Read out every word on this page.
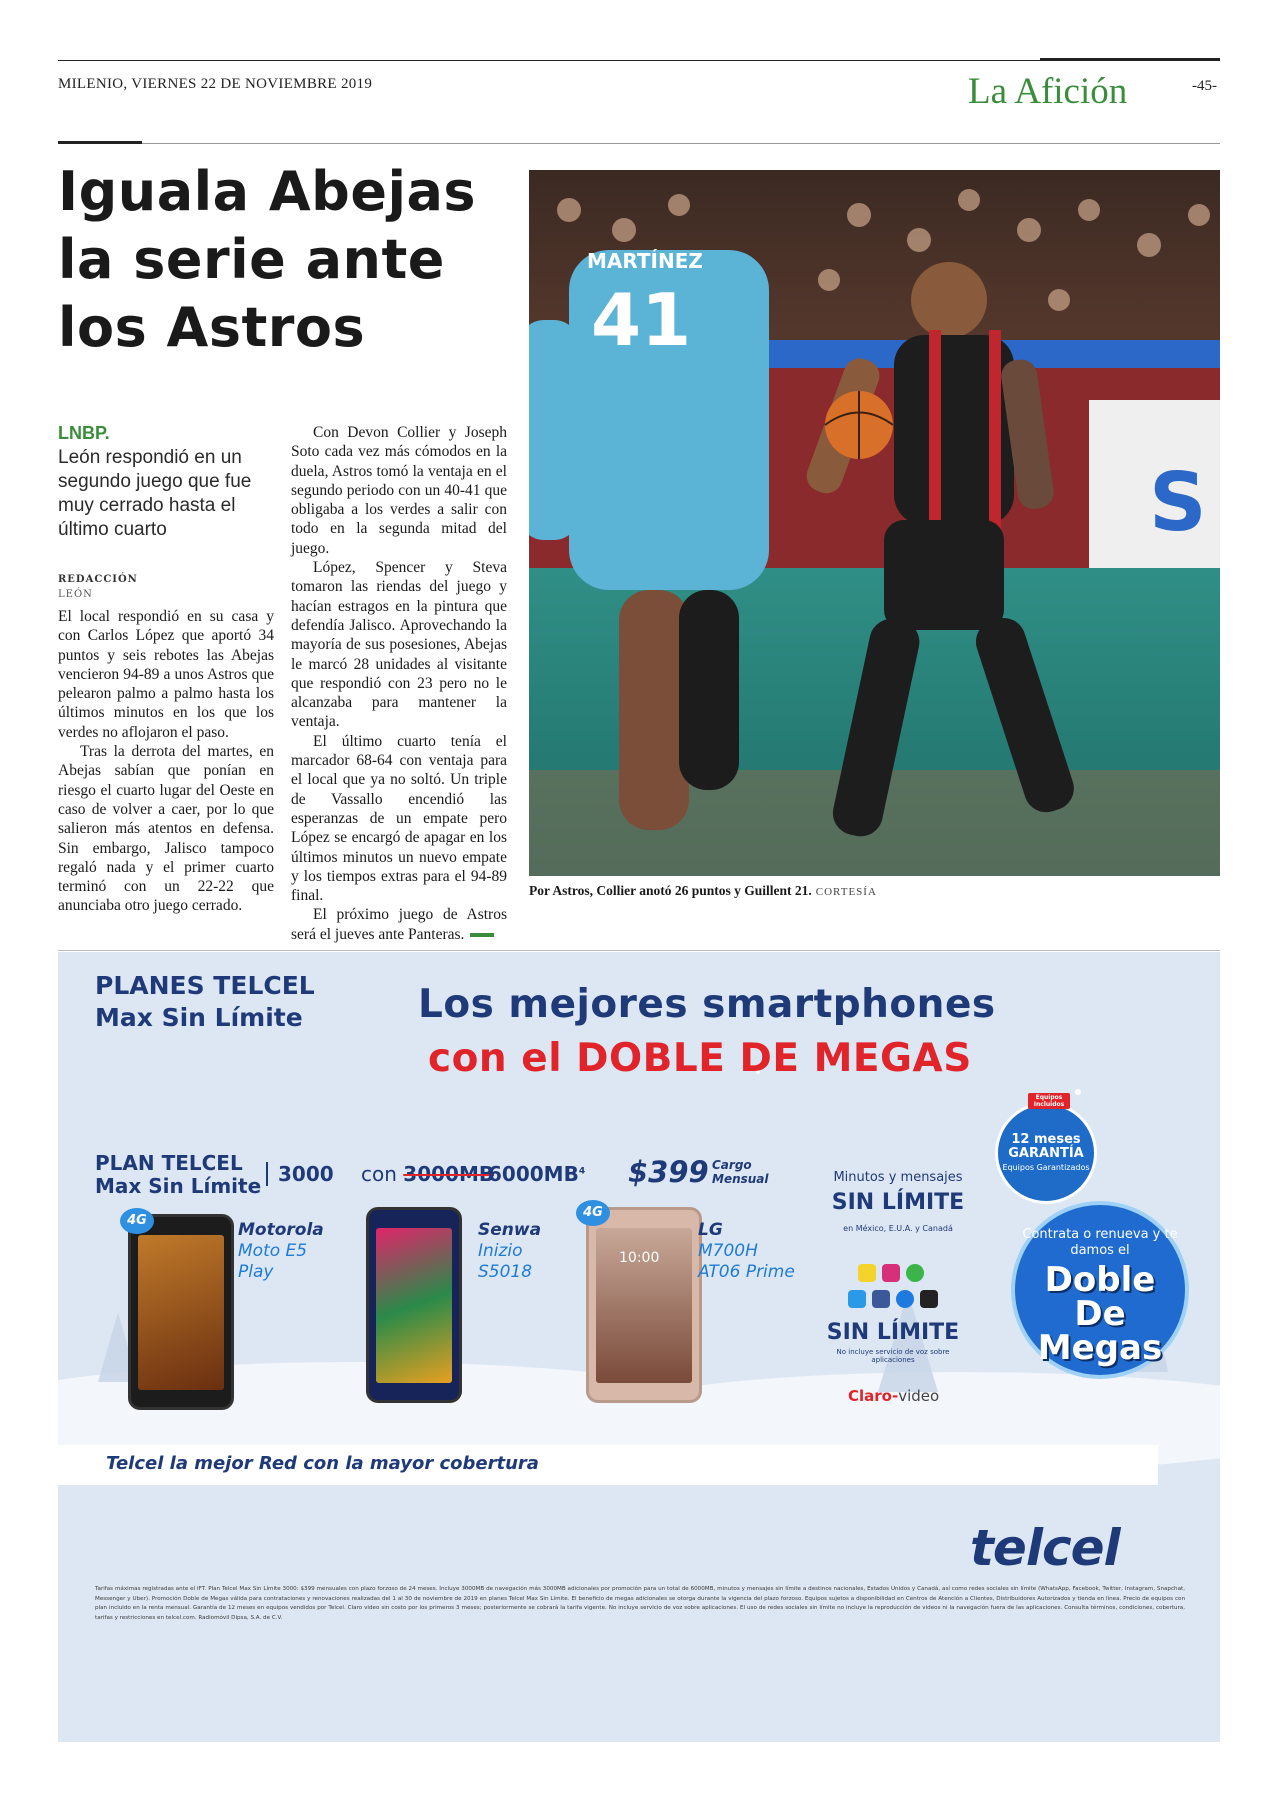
MILENIO, VIERNES 22 DE NOVIEMBRE 2019	La Afición	-45-
Iguala Abejas la serie ante los Astros
LNBP.
León respondió en un segundo juego que fue muy cerrado hasta el último cuarto
REDACCIÓN
LEÓN

El local respondió en su casa y con Carlos López que aportó 34 puntos y seis rebotes las Abejas vencieron 94-89 a unos Astros que pelearon palmo a palmo hasta los últimos minutos en los que los verdes no aflojaron el paso.

Tras la derrota del martes, en Abejas sabían que ponían en riesgo el cuarto lugar del Oeste en caso de volver a caer, por lo que salieron más atentos en defensa. Sin embargo, Jalisco tampoco regaló nada y el primer cuarto terminó con un 22-22 que anunciaba otro juego cerrado.

Con Devon Collier y Joseph Soto cada vez más cómodos en la duela, Astros tomó la ventaja en el segundo periodo con un 40-41 que obligaba a los verdes a salir con todo en la segunda mitad del juego.

López, Spencer y Steva tomaron las riendas del juego y hacían estragos en la pintura que defendía Jalisco. Aprovechando la mayoría de sus posesiones, Abejas le marcó 28 unidades al visitante que respondió con 23 pero no le alcanzaba para mantener la ventaja.

El último cuarto tenía el marcador 68-64 con ventaja para el local que ya no soltó. Un triple de Vassallo encendió las esperanzas de un empate pero López se encargó de apagar en los últimos minutos un nuevo empate y los tiempos extras para el 94-89 final.

El próximo juego de Astros será el jueves ante Panteras.

S
MARTÍNEZ
41
Por Astros, Collier anotó 26 puntos y Guillent 21. CORTESÍA
PLANES TELCEL
Max Sin Límite	Los mejores smartphones
con el DOBLE DE MEGAS
PLAN TELCEL
Max Sin Límite 3000 con 3000MB
$6000MB^4$ $399 Cargo
Mensual
4G	Motorola
Moto E5
Play
Senwa
Inizio
S5018
10:00
4G
LG
M700H
AT06 Prime
Minutos y mensajes
SIN LÍMITE
en México, E.U.A. y Canadá
SIN LÍMITE
No incluye servicio de voz sobre aplicaciones
Claro-video
Equipos Incluidos
12 meses GARANTÍA
Equipos Garantizados
Contrata o renueva y te damos el
Doble De Megas
Telcel la mejor Red con la mayor cobertura
telcel
Tarifas máximas registradas ante el IFT. Plan Telcel Max Sin Límite 3000: $399 mensuales con plazo forzoso de 24 meses. Incluye 3000MB de navegación más 3000MB adicionales por promoción para un total de 6000MB, minutos y mensajes sin límite a destinos nacionales, Estados Unidos y Canadá, así como redes sociales sin límite (WhatsApp, Facebook, Twitter, Instagram, Snapchat, Messenger y Uber). Promoción Doble de Megas válida para contrataciones y renovaciones realizadas del 1 al 30 de noviembre de 2019 en planes Telcel Max Sin Límite. El beneficio de megas adicionales se otorga durante la vigencia del plazo forzoso. Equipos sujetos a disponibilidad en Centros de Atención a Clientes, Distribuidores Autorizados y tienda en línea. Precio de equipos con plan incluido en la renta mensual. Garantía de 12 meses en equipos vendidos por Telcel. Claro video sin costo por los primeros 3 meses; posteriormente se cobrará la tarifa vigente. No incluye servicio de voz sobre aplicaciones. El uso de redes sociales sin límite no incluye la reproducción de videos ni la navegación fuera de las aplicaciones. Consulta términos, condiciones, cobertura, tarifas y restricciones en telcel.com. Radiomóvil Dipsa, S.A. de C.V.
